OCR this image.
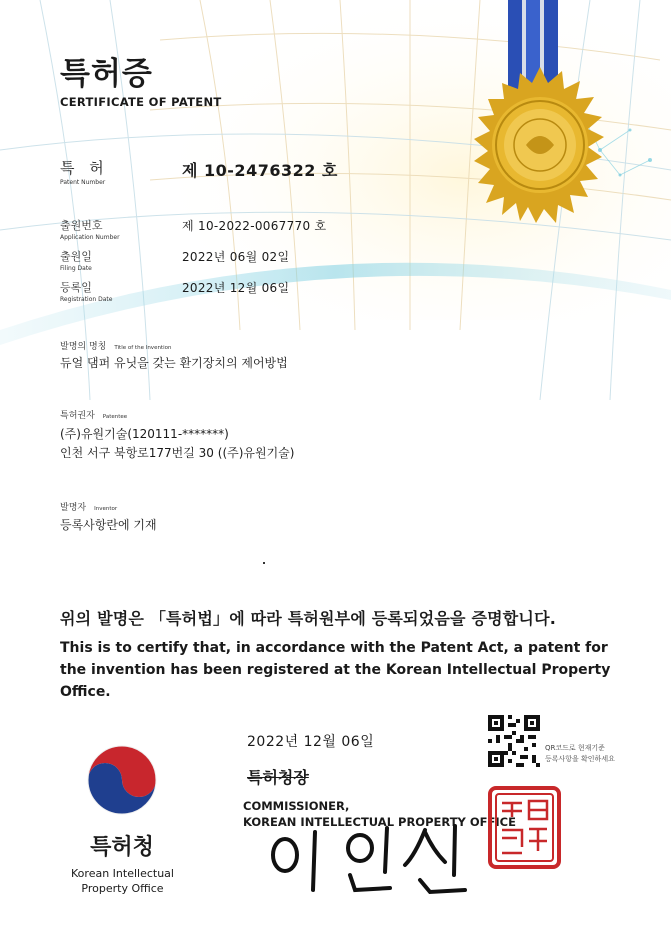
특허증
CERTIFICATE OF PATENT
특 허
Patent Number
제 10-2476322 호
출원번호
Application Number
제 10-2022-0067770 호
출원일
Filing Date
2022년 06월 02일
등록일
Registration Date
2022년 12월 06일
발명의 명칭 Title of the Invention
듀얼 댐퍼 유닛을 갖는 환기장치의 제어방법
특허권자 Patentee
(주)유원기술(120111-*******)
인천 서구 북항로177번길 30 ((주)유원기술)
발명자 Inventor
등록사항란에 기재
위의 발명은 「특허법」에 따라 특허원부에 등록되었음을 증명합니다.
This is to certify that, in accordance with the Patent Act, a patent for the invention has been registered at the Korean Intellectual Property Office.
2022년 12월 06일
특허청장
COMMISSIONER,
KOREAN INTELLECTUAL PROPERTY OFFICE
특허청
Korean Intellectual
Property Office
QR코드로 현재기준
등록사항을 확인하세요
